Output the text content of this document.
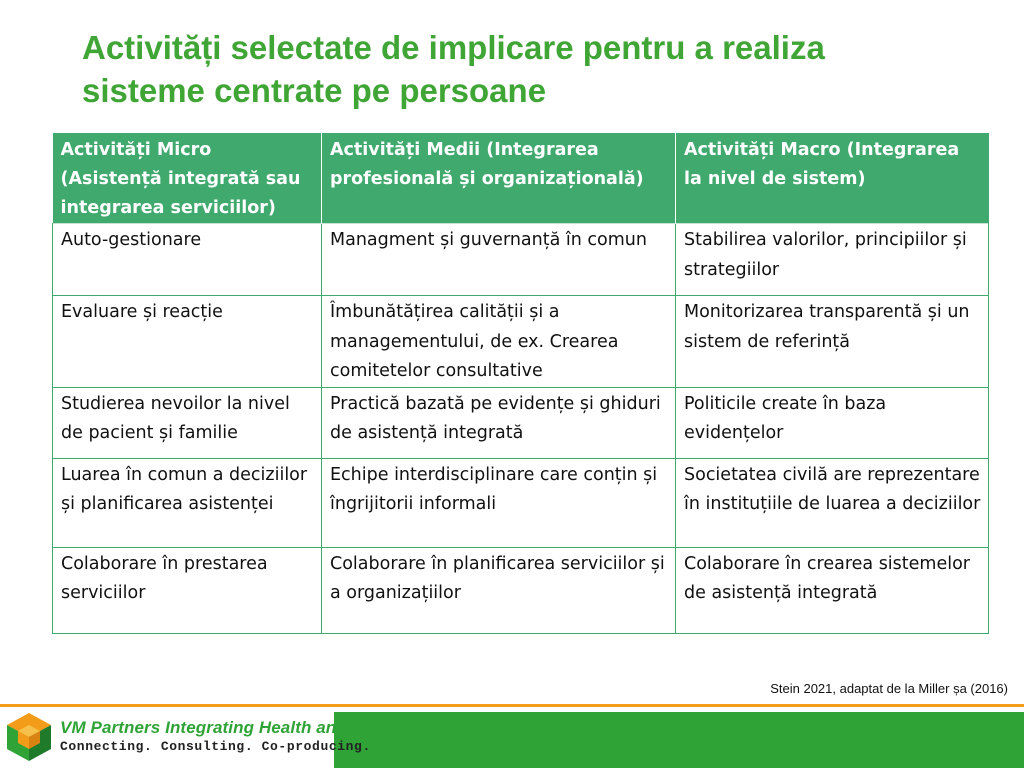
Activități selectate de implicare pentru a realiza
sisteme centrate pe persoane
Activități Micro (Asistență integrată sau integrarea serviciilor)	Activități Medii (Integrarea profesională și organizațională)	Activități Macro (Integrarea la nivel de sistem)
Auto-gestionare	Managment și guvernanță în comun	Stabilirea valorilor, principiilor și strategiilor
Evaluare și reacție	Îmbunătățirea calității și a managementului, de ex. Crearea comitetelor consultative	Monitorizarea transparentă și un sistem de referință
Studierea nevoilor la nivel de pacient și familie	Practică bazată pe evidențe și ghiduri de asistență integrată	Politicile create în baza evidențelor
Luarea în comun a deciziilor și planificarea asistenței	Echipe interdisciplinare care conțin și îngrijitorii informali	Societatea civilă are reprezentare în instituțiile de luarea a deciziilor
Colaborare în prestarea serviciilor	Colaborare în planificarea serviciilor și a organizațiilor	Colaborare în crearea sistemelor de asistență integrată
Stein 2021, adaptat de la Miller șa (2016)
VM Partners Integrating Health and Care
Connecting. Consulting. Co-producing.
